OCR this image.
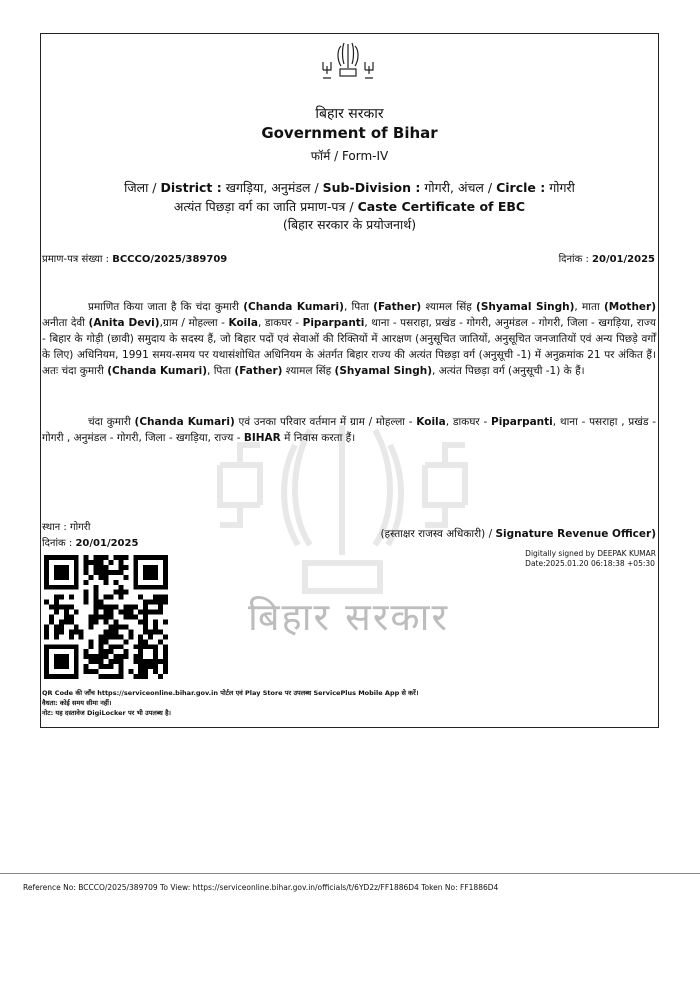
बिहार सरकार
बिहार सरकार
Government of Bihar
फॉर्म / Form-IV
जिला / District : खगड़िया, अनुमंडल / Sub-Division : गोगरी, अंचल / Circle : गोगरी
अत्यंत पिछड़ा वर्ग का जाति प्रमाण-पत्र / Caste Certificate of EBC
(बिहार सरकार के प्रयोजनार्थ)
प्रमाण-पत्र संख्या : BCCCO/2025/389709	दिनांक : 20/01/2025
प्रमाणित किया जाता है कि चंदा कुमारी (Chanda Kumari), पिता (Father) श्यामल सिंह (Shyamal Singh), माता (Mother) अनीता देवी (Anita Devi),ग्राम / मोहल्ला - Koila, डाकघर - Piparpanti, थाना - पसराहा, प्रखंड - गोगरी, अनुमंडल - गोगरी, जिला - खगड़िया, राज्य - बिहार के गोड़ी (छावी) समुदाय के सदस्य हैं, जो बिहार पदों एवं सेवाओं की रिक्तियों में आरक्षण (अनुसूचित जातियों, अनुसूचित जनजातियों एवं अन्य पिछड़े वर्गों के लिए) अधिनियम, 1991 समय-समय पर यथासंशोधित अधिनियम के अंतर्गत बिहार राज्य की अत्यंत पिछड़ा वर्ग (अनुसूची -1) में अनुक्रमांक 21 पर अंकित हैं। अतः चंदा कुमारी (Chanda Kumari), पिता (Father) श्यामल सिंह (Shyamal Singh), अत्यंत पिछड़ा वर्ग (अनुसूची -1) के हैं।
चंदा कुमारी (Chanda Kumari) एवं उनका परिवार वर्तमान में ग्राम / मोहल्ला - Koila, डाकघर - Piparpanti, थाना - पसराहा , प्रखंड - गोगरी , अनुमंडल - गोगरी, जिला - खगड़िया, राज्य - BIHAR में निवास करता हैं।
स्थान : गोगरी
दिनांक : 20/01/2025
(हस्ताक्षर राजस्व अधिकारी) / Signature Revenue Officer)
Digitally signed by DEEPAK KUMAR
Date:2025.01.20 06:18:38 +05:30
QR Code की जाँच https://serviceonline.bihar.gov.in पोर्टल एवं Play Store पर उपलब्ध ServicePlus Mobile App से करें।
वैधता: कोई समय सीमा नहीं।
नोट: यह दस्तावेज DigiLocker पर भी उपलब्ध है।
Reference No: BCCCO/2025/389709 To View: https://serviceonline.bihar.gov.in/officials/t/6YD2z/FF1886D4 Token No: FF1886D4
